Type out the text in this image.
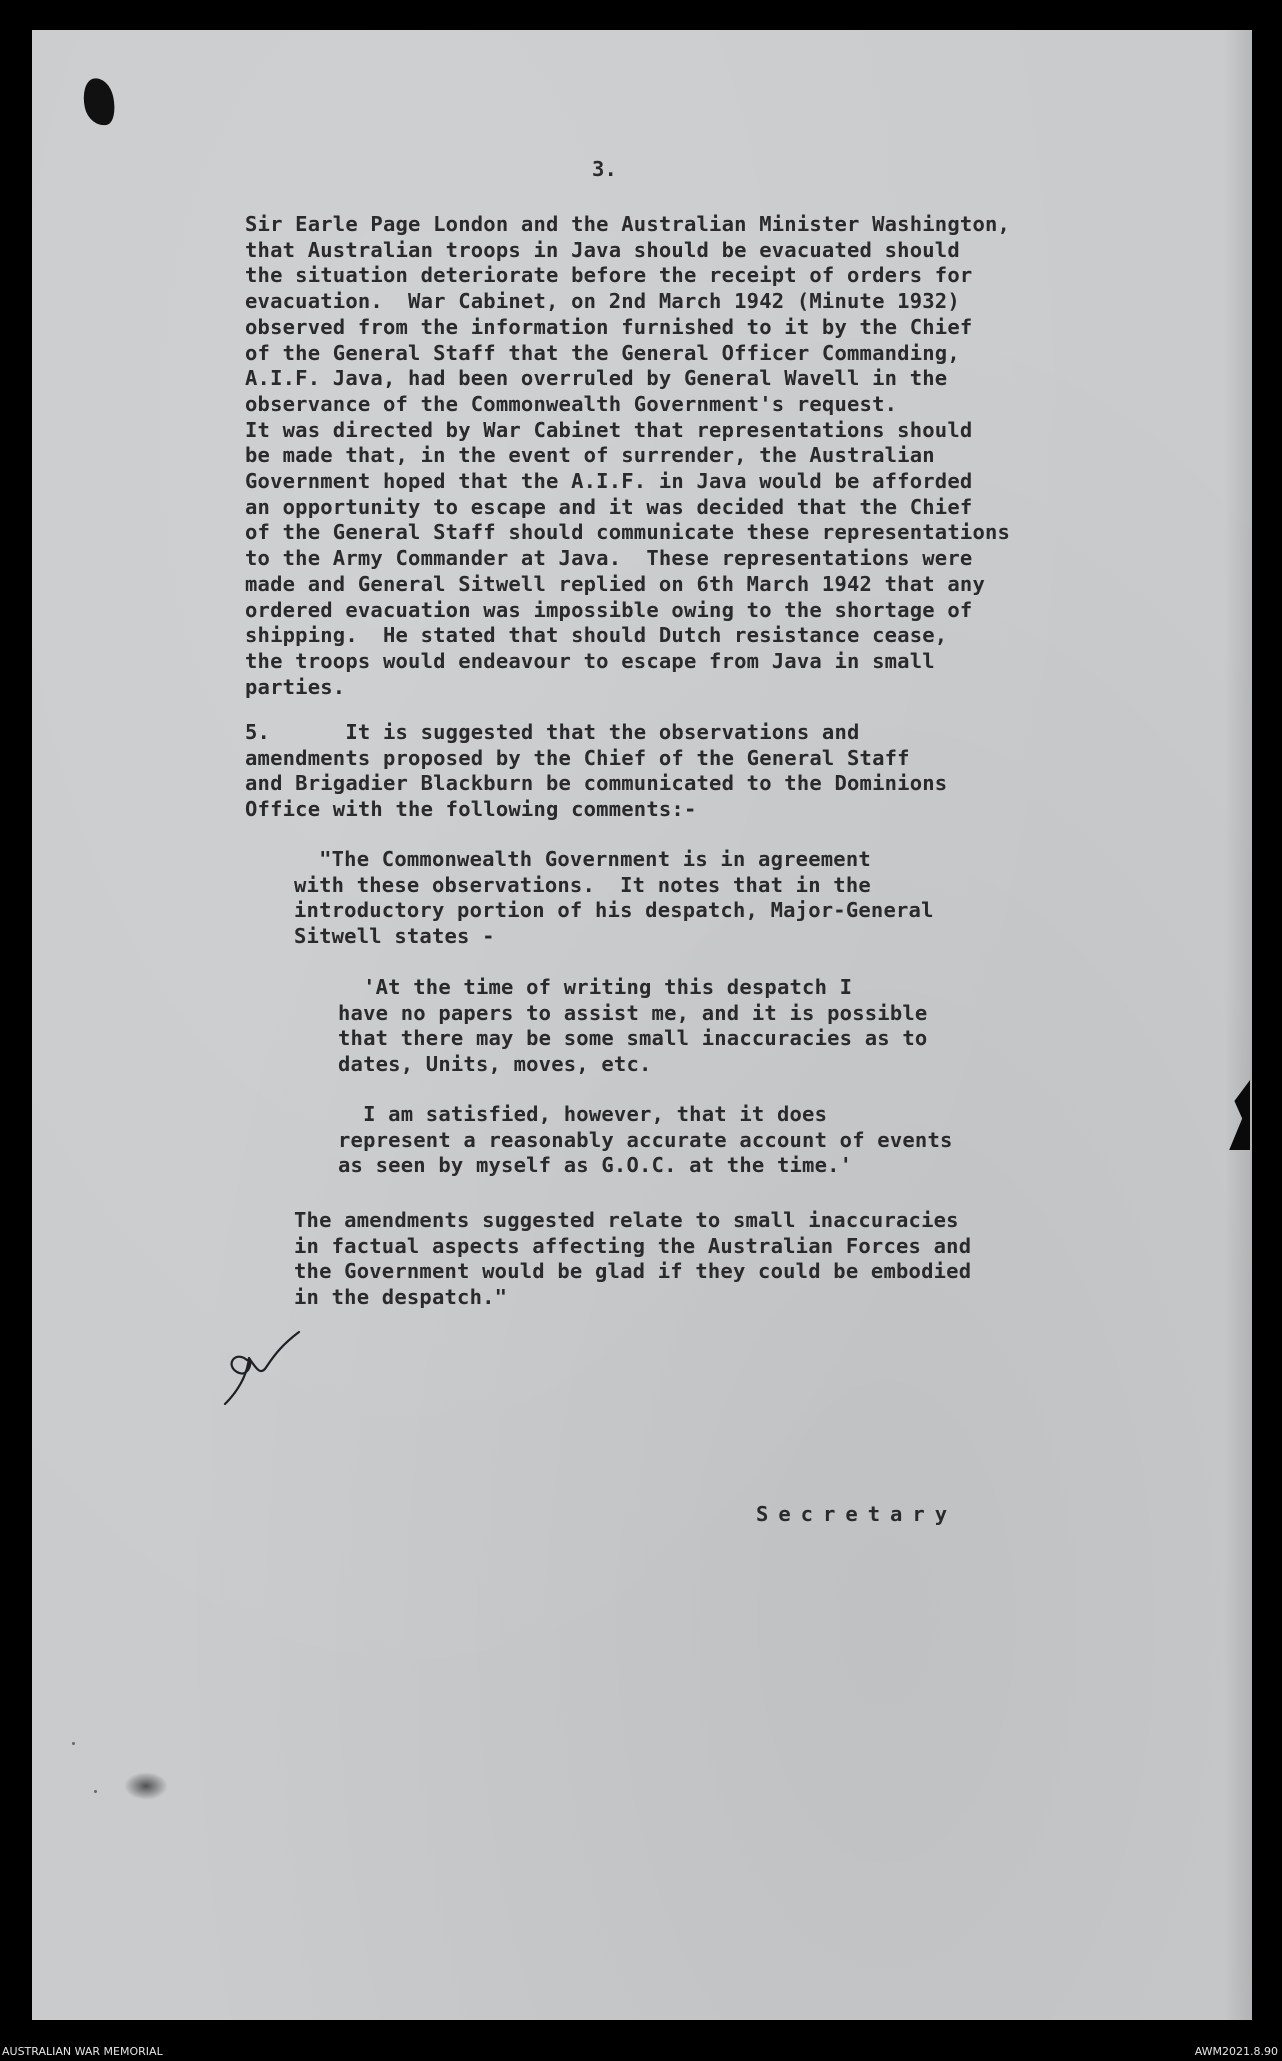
3.

Sir Earle Page London and the Australian Minister Washington,
that Australian troops in Java should be evacuated should
the situation deteriorate before the receipt of orders for
evacuation.  War Cabinet, on 2nd March 1942 (Minute 1932)
observed from the information furnished to it by the Chief
of the General Staff that the General Officer Commanding,
A.I.F. Java, had been overruled by General Wavell in the
observance of the Commonwealth Government's request.
It was directed by War Cabinet that representations should
be made that, in the event of surrender, the Australian
Government hoped that the A.I.F. in Java would be afforded
an opportunity to escape and it was decided that the Chief
of the General Staff should communicate these representations
to the Army Commander at Java.  These representations were
made and General Sitwell replied on 6th March 1942 that any
ordered evacuation was impossible owing to the shortage of
shipping.  He stated that should Dutch resistance cease,
the troops would endeavour to escape from Java in small
parties.

5.      It is suggested that the observations and
amendments proposed by the Chief of the General Staff
and Brigadier Blackburn be communicated to the Dominions
Office with the following comments:-

"The Commonwealth Government is in agreement
with these observations.  It notes that in the
introductory portion of his despatch, Major-General
Sitwell states -

'At the time of writing this despatch I
have no papers to assist me, and it is possible
that there may be some small inaccuracies as to
dates, Units, moves, etc.

I am satisfied, however, that it does
represent a reasonably accurate account of events
as seen by myself as G.O.C. at the time.'

The amendments suggested relate to small inaccuracies
in factual aspects affecting the Australian Forces and
the Government would be glad if they could be embodied
in the despatch."

Secretary

AUSTRALIAN WAR MEMORIAL	AWM2021.8.90
